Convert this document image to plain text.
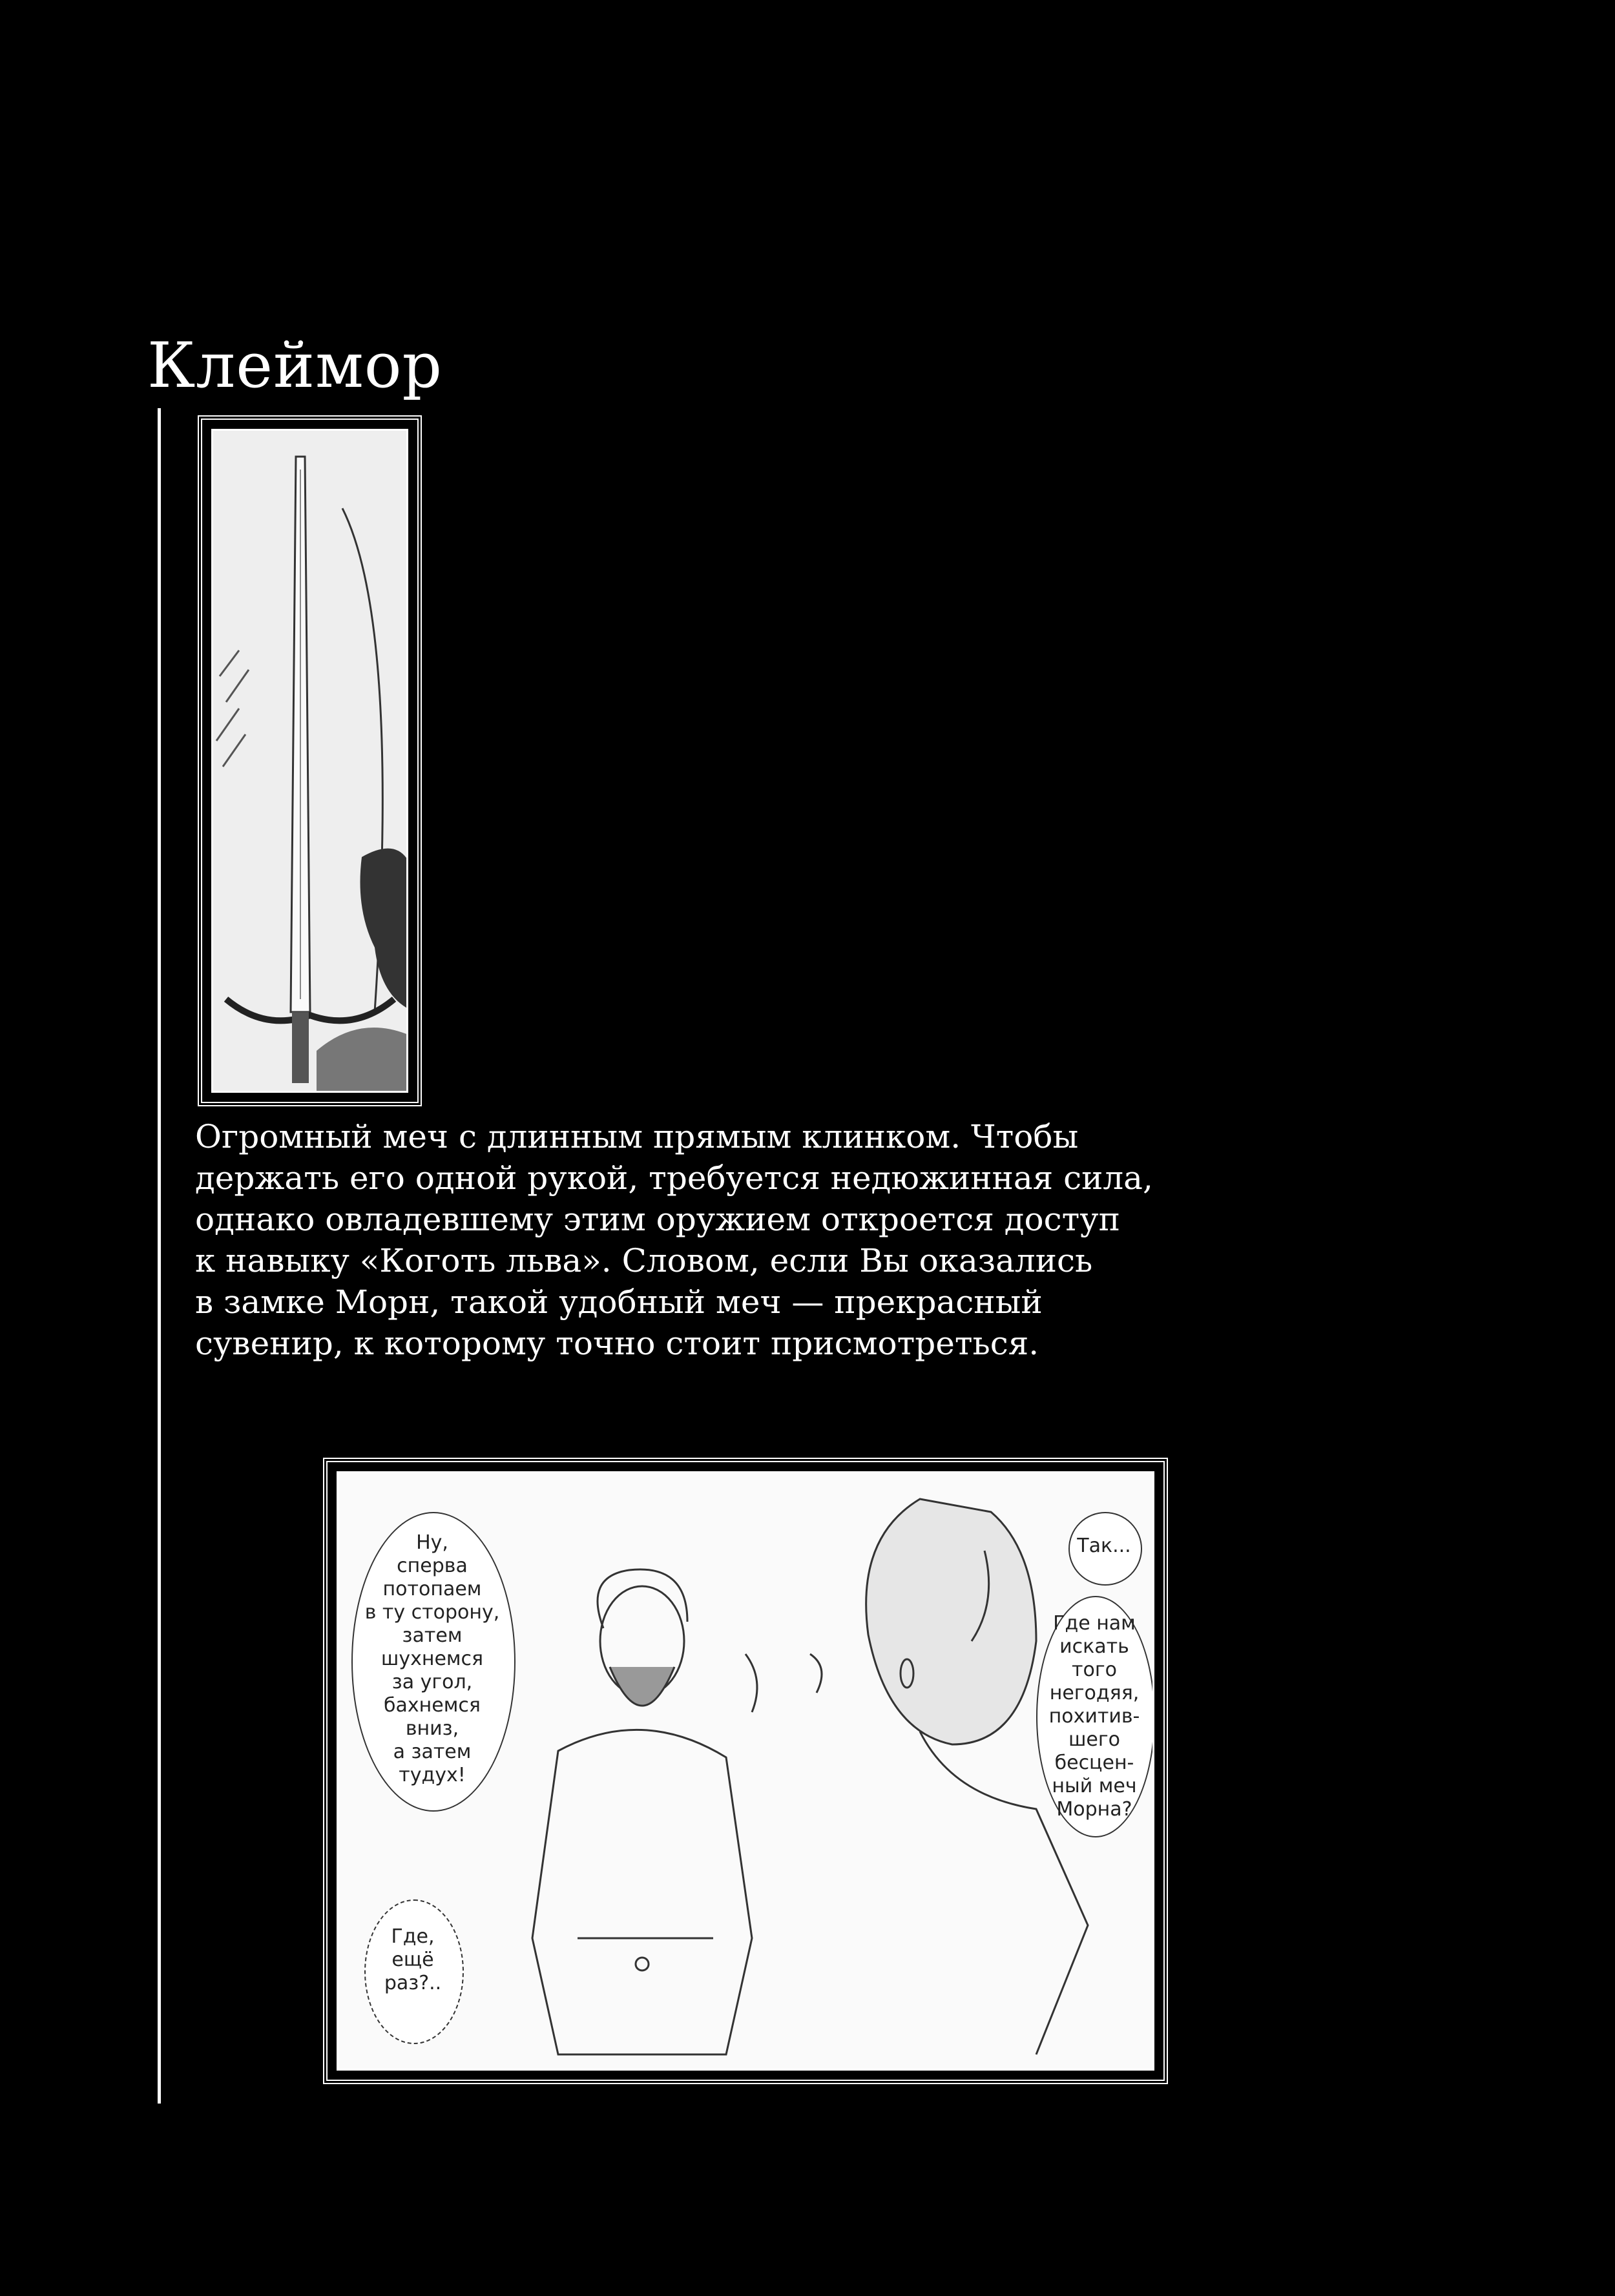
Клеймор

Огромный меч с длинным прямым клинком. Чтобы

держать его одной рукой, требуется недюжинная сила,

однако овладевшему этим оружием откроется доступ

к навыку «Коготь льва». Словом, если Вы оказались

в замке Морн, такой удобный меч — прекрасный

сувенир, к которому точно стоит присмотреться.

Ну,
сперва
потопаем
в ту сторону,
затем
шухнемся
за угол,
бахнемся
вниз,
а затем
тудух!
Так...
Где нам
искать
того
негодяя,
похитив-
шего
бесцен-
ный меч
Морна?
Где,
ещё
раз?..
